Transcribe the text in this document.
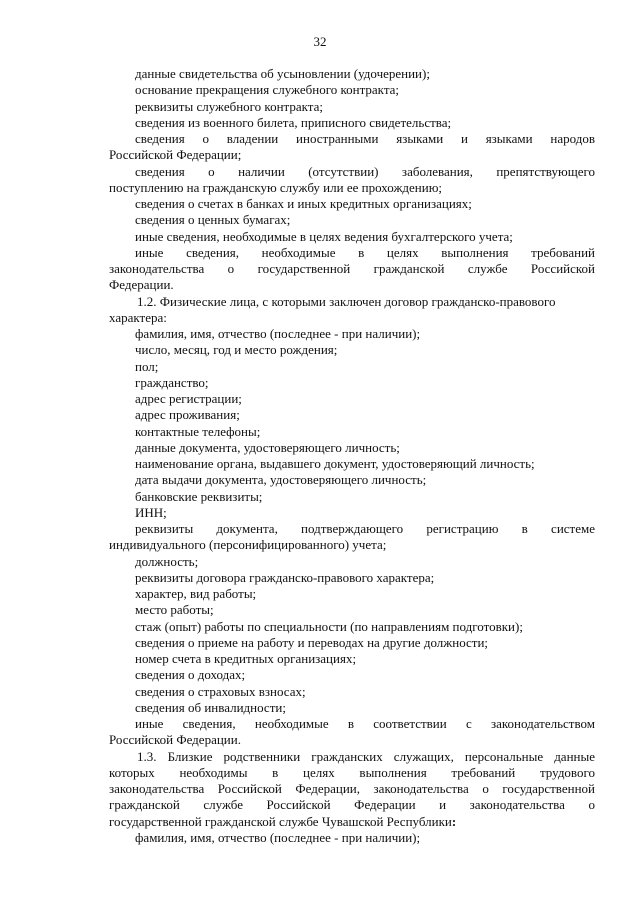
32
данные свидетельства об усыновлении (удочерении);
основание прекращения служебного контракта;
реквизиты служебного контракта;
сведения из военного билета, приписного свидетельства;
сведения о владении иностранными языками и языками народов
Российской Федерации;
сведения о наличии (отсутствии) заболевания, препятствующего
поступлению на гражданскую службу или ее прохождению;
сведения о счетах в банках и иных кредитных организациях;
сведения о ценных бумагах;
иные сведения, необходимые в целях ведения бухгалтерского учета;
иные сведения, необходимые в целях выполнения требований
законодательства о государственной гражданской службе Российской
Федерации.
1.2. Физические лица, с которыми заключен договор гражданско-правового
характера:
фамилия, имя, отчество (последнее - при наличии);
число, месяц, год и место рождения;
пол;
гражданство;
адрес регистрации;
адрес проживания;
контактные телефоны;
данные документа, удостоверяющего личность;
наименование органа, выдавшего документ, удостоверяющий личность;
дата выдачи документа, удостоверяющего личность;
банковские реквизиты;
ИНН;
реквизиты документа, подтверждающего регистрацию в системе
индивидуального (персонифицированного) учета;
должность;
реквизиты договора гражданско-правового характера;
характер, вид работы;
место работы;
стаж (опыт) работы по специальности (по направлениям подготовки);
сведения о приеме на работу и переводах на другие должности;
номер счета в кредитных организациях;
сведения о доходах;
сведения о страховых взносах;
сведения об инвалидности;
иные сведения, необходимые в соответствии с законодательством
Российской Федерации.
1.3. Близкие родственники гражданских служащих, персональные данные
которых необходимы в целях выполнения требований трудового
законодательства Российской Федерации, законодательства о государственной
гражданской службе Российской Федерации и законодательства о
государственной гражданской службе Чувашской Республики:
фамилия, имя, отчество (последнее - при наличии);
